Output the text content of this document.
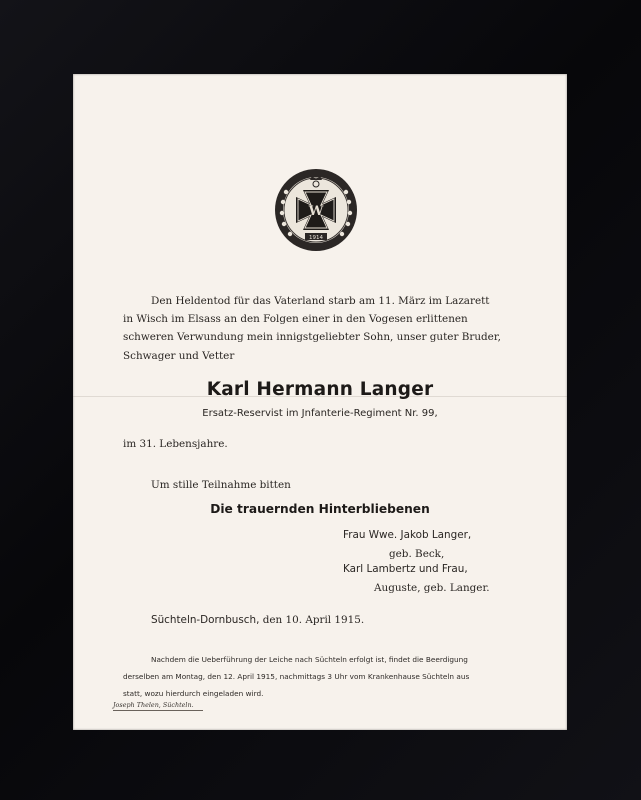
W
1914
Den Heldentod für das Vaterland starb am 11. März im Lazarett
in Wisch im Elsass an den Folgen einer in den Vogesen erlittenen
schweren Verwundung mein innigstgeliebter Sohn, unser guter Bruder,
Schwager und Vetter
Karl Hermann Langer
Ersatz-Reservist im Jnfanterie-Regiment Nr. 99,
im 31. Lebensjahre.
Um stille Teilnahme bitten
Die trauernden Hinterbliebenen
Frau Wwe. Jakob Langer,
geb. Beck,
Karl Lambertz und Frau,
Auguste, geb. Langer.
Süchteln-Dornbusch, den 10. April 1915.
Nachdem die Ueberführung der Leiche nach Süchteln erfolgt ist, findet die Beerdigung
derselben am Montag, den 12. April 1915, nachmittags 3 Uhr vom Krankenhause Süchteln aus
statt, wozu hierdurch eingeladen wird.
Joseph Thelen, Süchteln.
